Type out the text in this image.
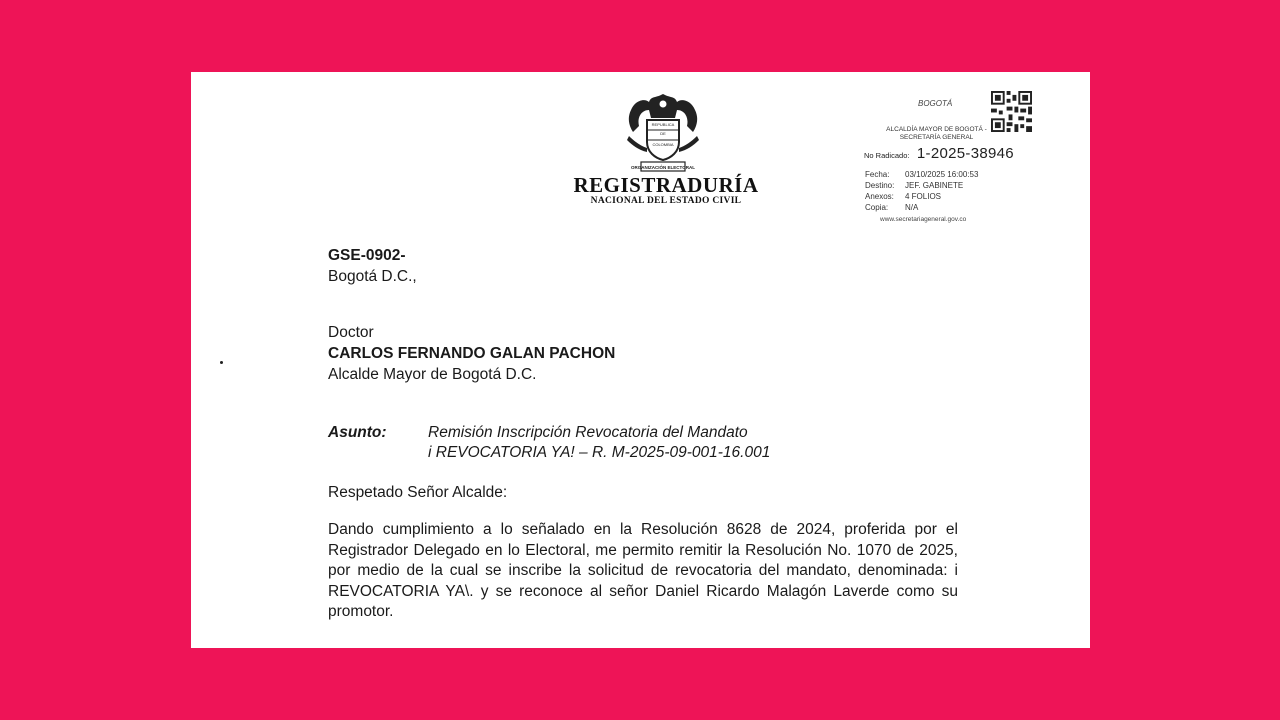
REPUBLICA
DE
COLOMBIA
ORGANIZACIÓN ELECTORAL
REGISTRADURÍA
NACIONAL DEL ESTADO CIVIL
BOGOTÁ
ALCALDÍA MAYOR DE BOGOTÁ - SECRETARÍA GENERAL
No Radicado: 1-2025-38946
Fecha: 03/10/2025 16:00:53
Destino: JEF. GABINETE
Anexos: 4 FOLIOS
Copia: N/A
www.secretariageneral.gov.co
GSE-0902-
Bogotá D.C.,
Doctor
CARLOS FERNANDO GALAN PACHON
Alcalde Mayor de Bogotá D.C.
Asunto:	Remisión Inscripción Revocatoria del Mandato
i REVOCATORIA YA! – R. M-2025-09-001-16.001
Respetado Señor Alcalde:
Dando cumplimiento a lo señalado en la Resolución 8628 de 2024, proferida por el Registrador Delegado en lo Electoral, me permito remitir la Resolución No. 1070 de 2025, por medio de la cual se inscribe la solicitud de revocatoria del mandato, denominada: i REVOCATORIA YA\. y se reconoce al señor Daniel Ricardo Malagón Laverde como su promotor.
